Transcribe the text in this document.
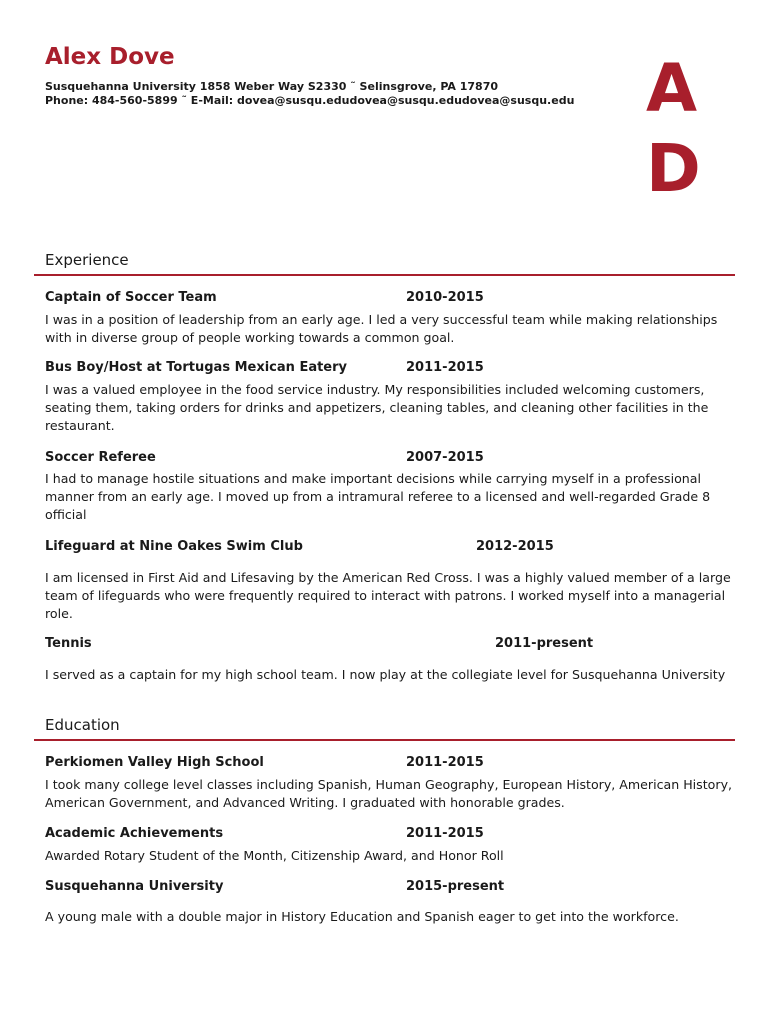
Alex Dove
Susquehanna University 1858 Weber Way S2330 ˜ Selinsgrove, PA 17870
Phone: 484-560-5899 ˜ E-Mail: dovea@susqu.edudovea@susqu.edudovea@susqu.edu A
D
Experience
Captain of Soccer Team	2010-2015
I was in a position of leadership from an early age. I led a very successful team while making relationships with in diverse group of people working towards a common goal.
Bus Boy/Host at Tortugas Mexican Eatery	2011-2015
I was a valued employee in the food service industry. My responsibilities included welcoming customers, seating them, taking orders for drinks and appetizers, cleaning tables, and cleaning other facilities in the restaurant.
Soccer Referee	2007-2015
I had to manage hostile situations and make important decisions while carrying myself in a professional manner from an early age. I moved up from a intramural referee to a licensed and well-regarded Grade 8 official
Lifeguard at Nine Oakes Swim Club	2012-2015
I am licensed in First Aid and Lifesaving by the American Red Cross. I was a highly valued member of a large team of lifeguards who were frequently required to interact with patrons. I worked myself into a managerial role.
Tennis	2011-present
I served as a captain for my high school team. I now play at the collegiate level for Susquehanna University
Education
Perkiomen Valley High School	2011-2015
I took many college level classes including Spanish, Human Geography, European History, American History, American Government, and Advanced Writing. I graduated with honorable grades.
Academic Achievements	2011-2015
Awarded Rotary Student of the Month, Citizenship Award, and Honor Roll
Susquehanna University	2015-present
A young male with a double major in History Education and Spanish eager to get into the workforce.
